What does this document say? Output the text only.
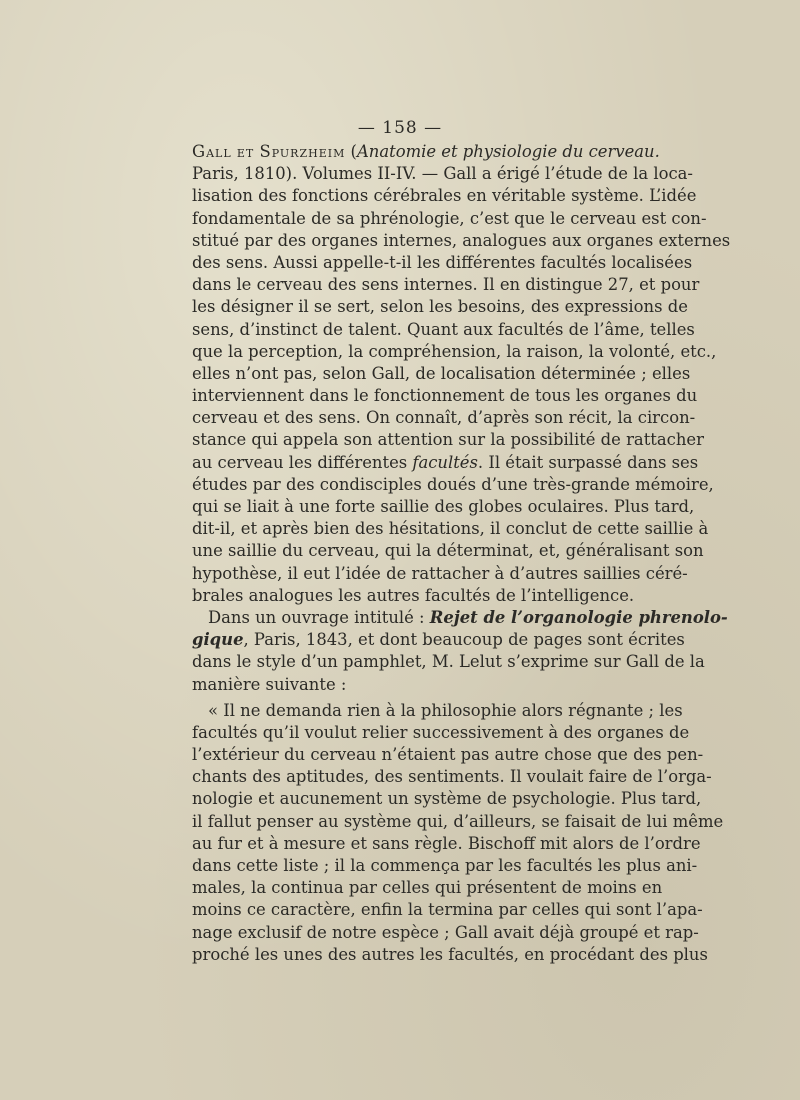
— 158 —
Gall et Spurzheim (Anatomie et physiologie du cerveau.
Paris, 1810). Volumes II-IV. — Gall a érigé l’étude de la loca-
lisation des fonctions cérébrales en véritable système. L’idée
fondamentale de sa phrénologie, c’est que le cerveau est con-
stitué par des organes internes, analogues aux organes externes
des sens. Aussi appelle-t-il les différentes facultés localisées
dans le cerveau des sens internes. Il en distingue 27, et pour
les désigner il se sert, selon les besoins, des expressions de
sens, d’instinct de talent. Quant aux facultés de l’âme, telles
que la perception, la compréhension, la raison, la volonté, etc.,
elles n’ont pas, selon Gall, de localisation déterminée ; elles
interviennent dans le fonctionnement de tous les organes du
cerveau et des sens. On connaît, d’après son récit, la circon-
stance qui appela son attention sur la possibilité de rattacher
au cerveau les différentes facultés. Il était surpassé dans ses
études par des condisciples doués d’une très-grande mémoire,
qui se liait à une forte saillie des globes oculaires. Plus tard,
dit-il, et après bien des hésitations, il conclut de cette saillie à
une saillie du cerveau, qui la déterminat, et, généralisant son
hypothèse, il eut l’idée de rattacher à d’autres saillies céré-
brales analogues les autres facultés de l’intelligence.
Dans un ouvrage intitulé : Rejet de l’organologie phrenolo-
gique, Paris, 1843, et dont beaucoup de pages sont écrites
dans le style d’un pamphlet, M. Lelut s’exprime sur Gall de la
manière suivante :
« Il ne demanda rien à la philosophie alors régnante ; les
facultés qu’il voulut relier successivement à des organes de
l’extérieur du cerveau n’étaient pas autre chose que des pen-
chants des aptitudes, des sentiments. Il voulait faire de l’orga-
nologie et aucunement un système de psychologie. Plus tard,
il fallut penser au système qui, d’ailleurs, se faisait de lui même
au fur et à mesure et sans règle. Bischoff mit alors de l’ordre
dans cette liste ; il la commença par les facultés les plus ani-
males, la continua par celles qui présentent de moins en
moins ce caractère, enfin la termina par celles qui sont l’apa-
nage exclusif de notre espèce ; Gall avait déjà groupé et rap-
proché les unes des autres les facultés, en procédant des plus
